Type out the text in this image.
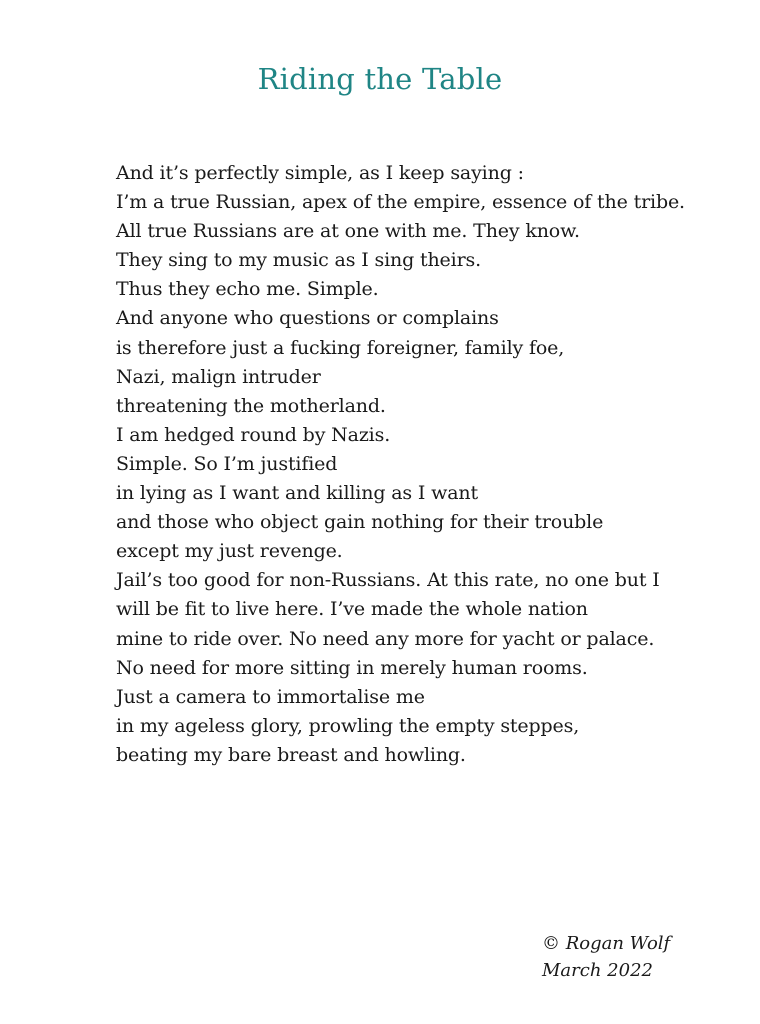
Riding the Table
And it’s perfectly simple, as I keep saying :
I’m a true Russian, apex of the empire, essence of the tribe.
All true Russians are at one with me. They know.
They sing to my music as I sing theirs.
Thus they echo me. Simple.
And anyone who questions or complains
is therefore just a fucking foreigner, family foe,
Nazi, malign intruder
threatening the motherland.
I am hedged round by Nazis.
Simple. So I’m justified
in lying as I want and killing as I want
and those who object gain nothing for their trouble
except my just revenge.
Jail’s too good for non-Russians. At this rate, no one but I
will be fit to live here. I’ve made the whole nation
mine to ride over. No need any more for yacht or palace.
No need for more sitting in merely human rooms.
Just a camera to immortalise me
in my ageless glory, prowling the empty steppes,
beating my bare breast and howling.
© Rogan Wolf
March 2022
